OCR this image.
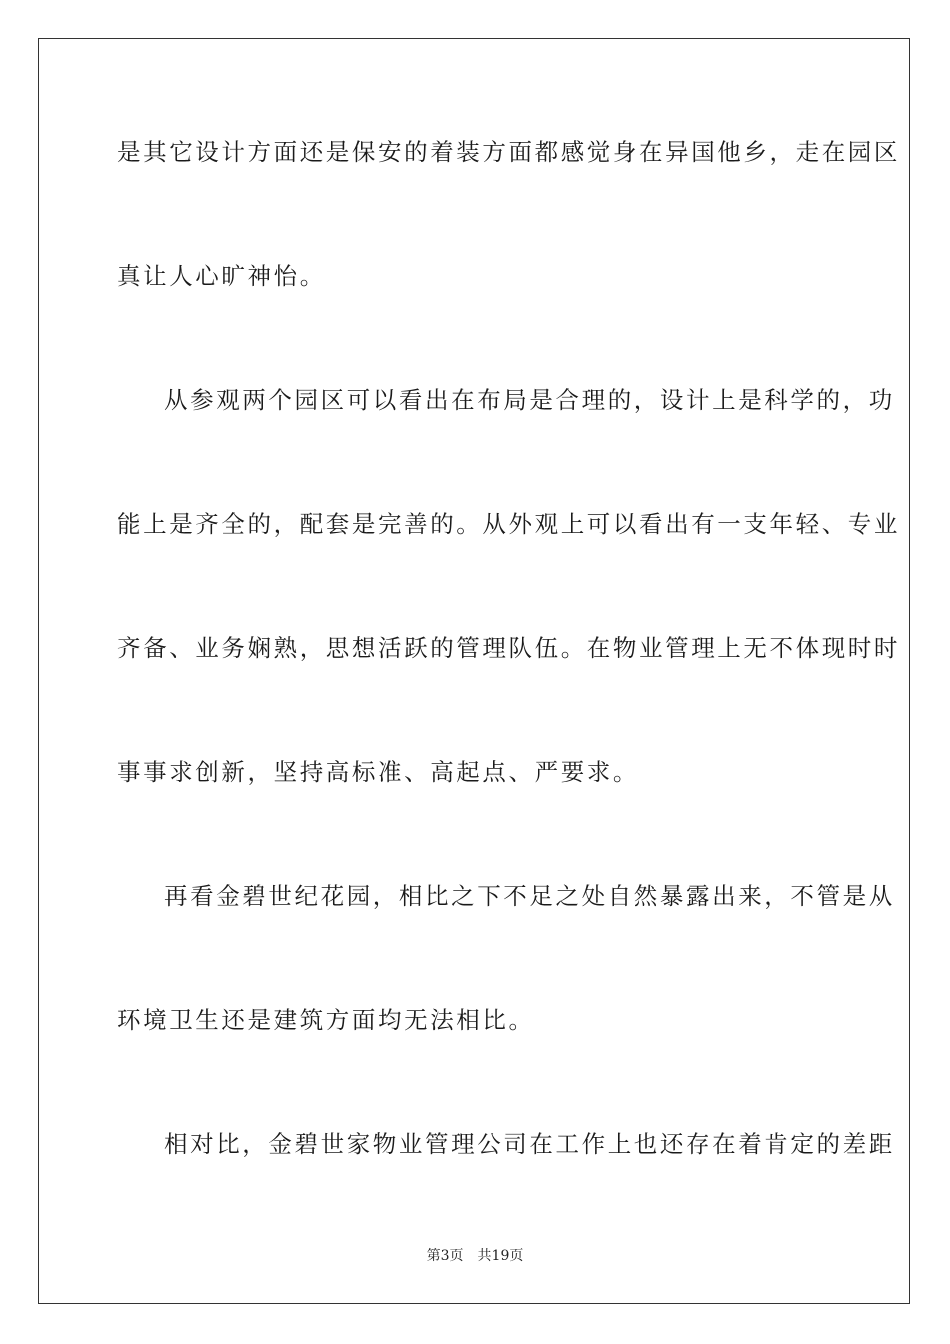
是其它设计方面还是保安的着装方面都感觉身在异国他乡，走在园区
真让人心旷神怡。
从参观两个园区可以看出在布局是合理的，设计上是科学的，功
能上是齐全的，配套是完善的。从外观上可以看出有一支年轻、专业
齐备、业务娴熟，思想活跃的管理队伍。在物业管理上无不体现时时
事事求创新，坚持高标准、高起点、严要求。
再看金碧世纪花园，相比之下不足之处自然暴露出来，不管是从
环境卫生还是建筑方面均无法相比。
相对比，金碧世家物业管理公司在工作上也还存在着肯定的差距
第3页 共19页
